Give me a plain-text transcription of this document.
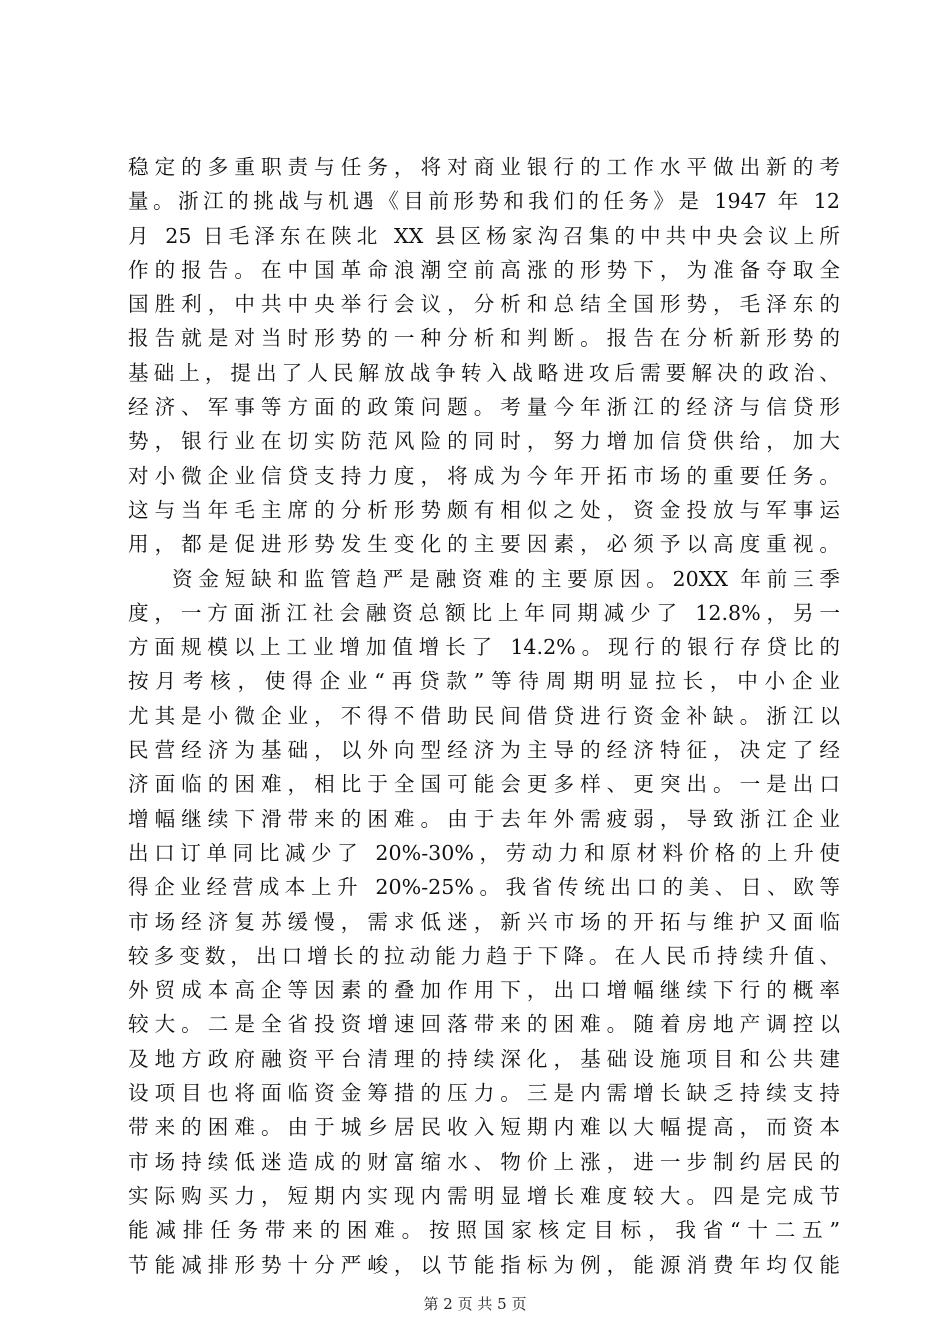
稳定的多重职责与任务，将对商业银行的工作水平做出新的考
量。浙江的挑战与机遇《目前形势和我们的任务》是 1947 年 12
月 25 日毛泽东在陕北 XX 县区杨家沟召集的中共中央会议上所
作的报告。在中国革命浪潮空前高涨的形势下，为准备夺取全
国胜利，中共中央举行会议，分析和总结全国形势，毛泽东的
报告就是对当时形势的一种分析和判断。报告在分析新形势的
基础上，提出了人民解放战争转入战略进攻后需要解决的政治、
经济、军事等方面的政策问题。考量今年浙江的经济与信贷形
势，银行业在切实防范风险的同时，努力增加信贷供给，加大
对小微企业信贷支持力度，将成为今年开拓市场的重要任务。
这与当年毛主席的分析形势颇有相似之处，资金投放与军事运
用，都是促进形势发生变化的主要因素，必须予以高度重视。
资金短缺和监管趋严是融资难的主要原因。20XX 年前三季
度，一方面浙江社会融资总额比上年同期减少了 12.8%，另一
方面规模以上工业增加值增长了 14.2%。现行的银行存贷比的
按月考核，使得企业“再贷款”等待周期明显拉长，中小企业
尤其是小微企业，不得不借助民间借贷进行资金补缺。浙江以
民营经济为基础，以外向型经济为主导的经济特征，决定了经
济面临的困难，相比于全国可能会更多样、更突出。一是出口
增幅继续下滑带来的困难。由于去年外需疲弱，导致浙江企业
出口订单同比减少了 20%-30%，劳动力和原材料价格的上升使
得企业经营成本上升 20%-25%。我省传统出口的美、日、欧等
市场经济复苏缓慢，需求低迷，新兴市场的开拓与维护又面临
较多变数，出口增长的拉动能力趋于下降。在人民币持续升值、
外贸成本高企等因素的叠加作用下，出口增幅继续下行的概率
较大。二是全省投资增速回落带来的困难。随着房地产调控以
及地方政府融资平台清理的持续深化，基础设施项目和公共建
设项目也将面临资金筹措的压力。三是内需增长缺乏持续支持
带来的困难。由于城乡居民收入短期内难以大幅提高，而资本
市场持续低迷造成的财富缩水、物价上涨，进一步制约居民的
实际购买力，短期内实现内需明显增长难度较大。四是完成节
能减排任务带来的困难。按照国家核定目标，我省“十二五”
节能减排形势十分严峻，以节能指标为例，能源消费年均仅能
第 2 页 共 5 页
